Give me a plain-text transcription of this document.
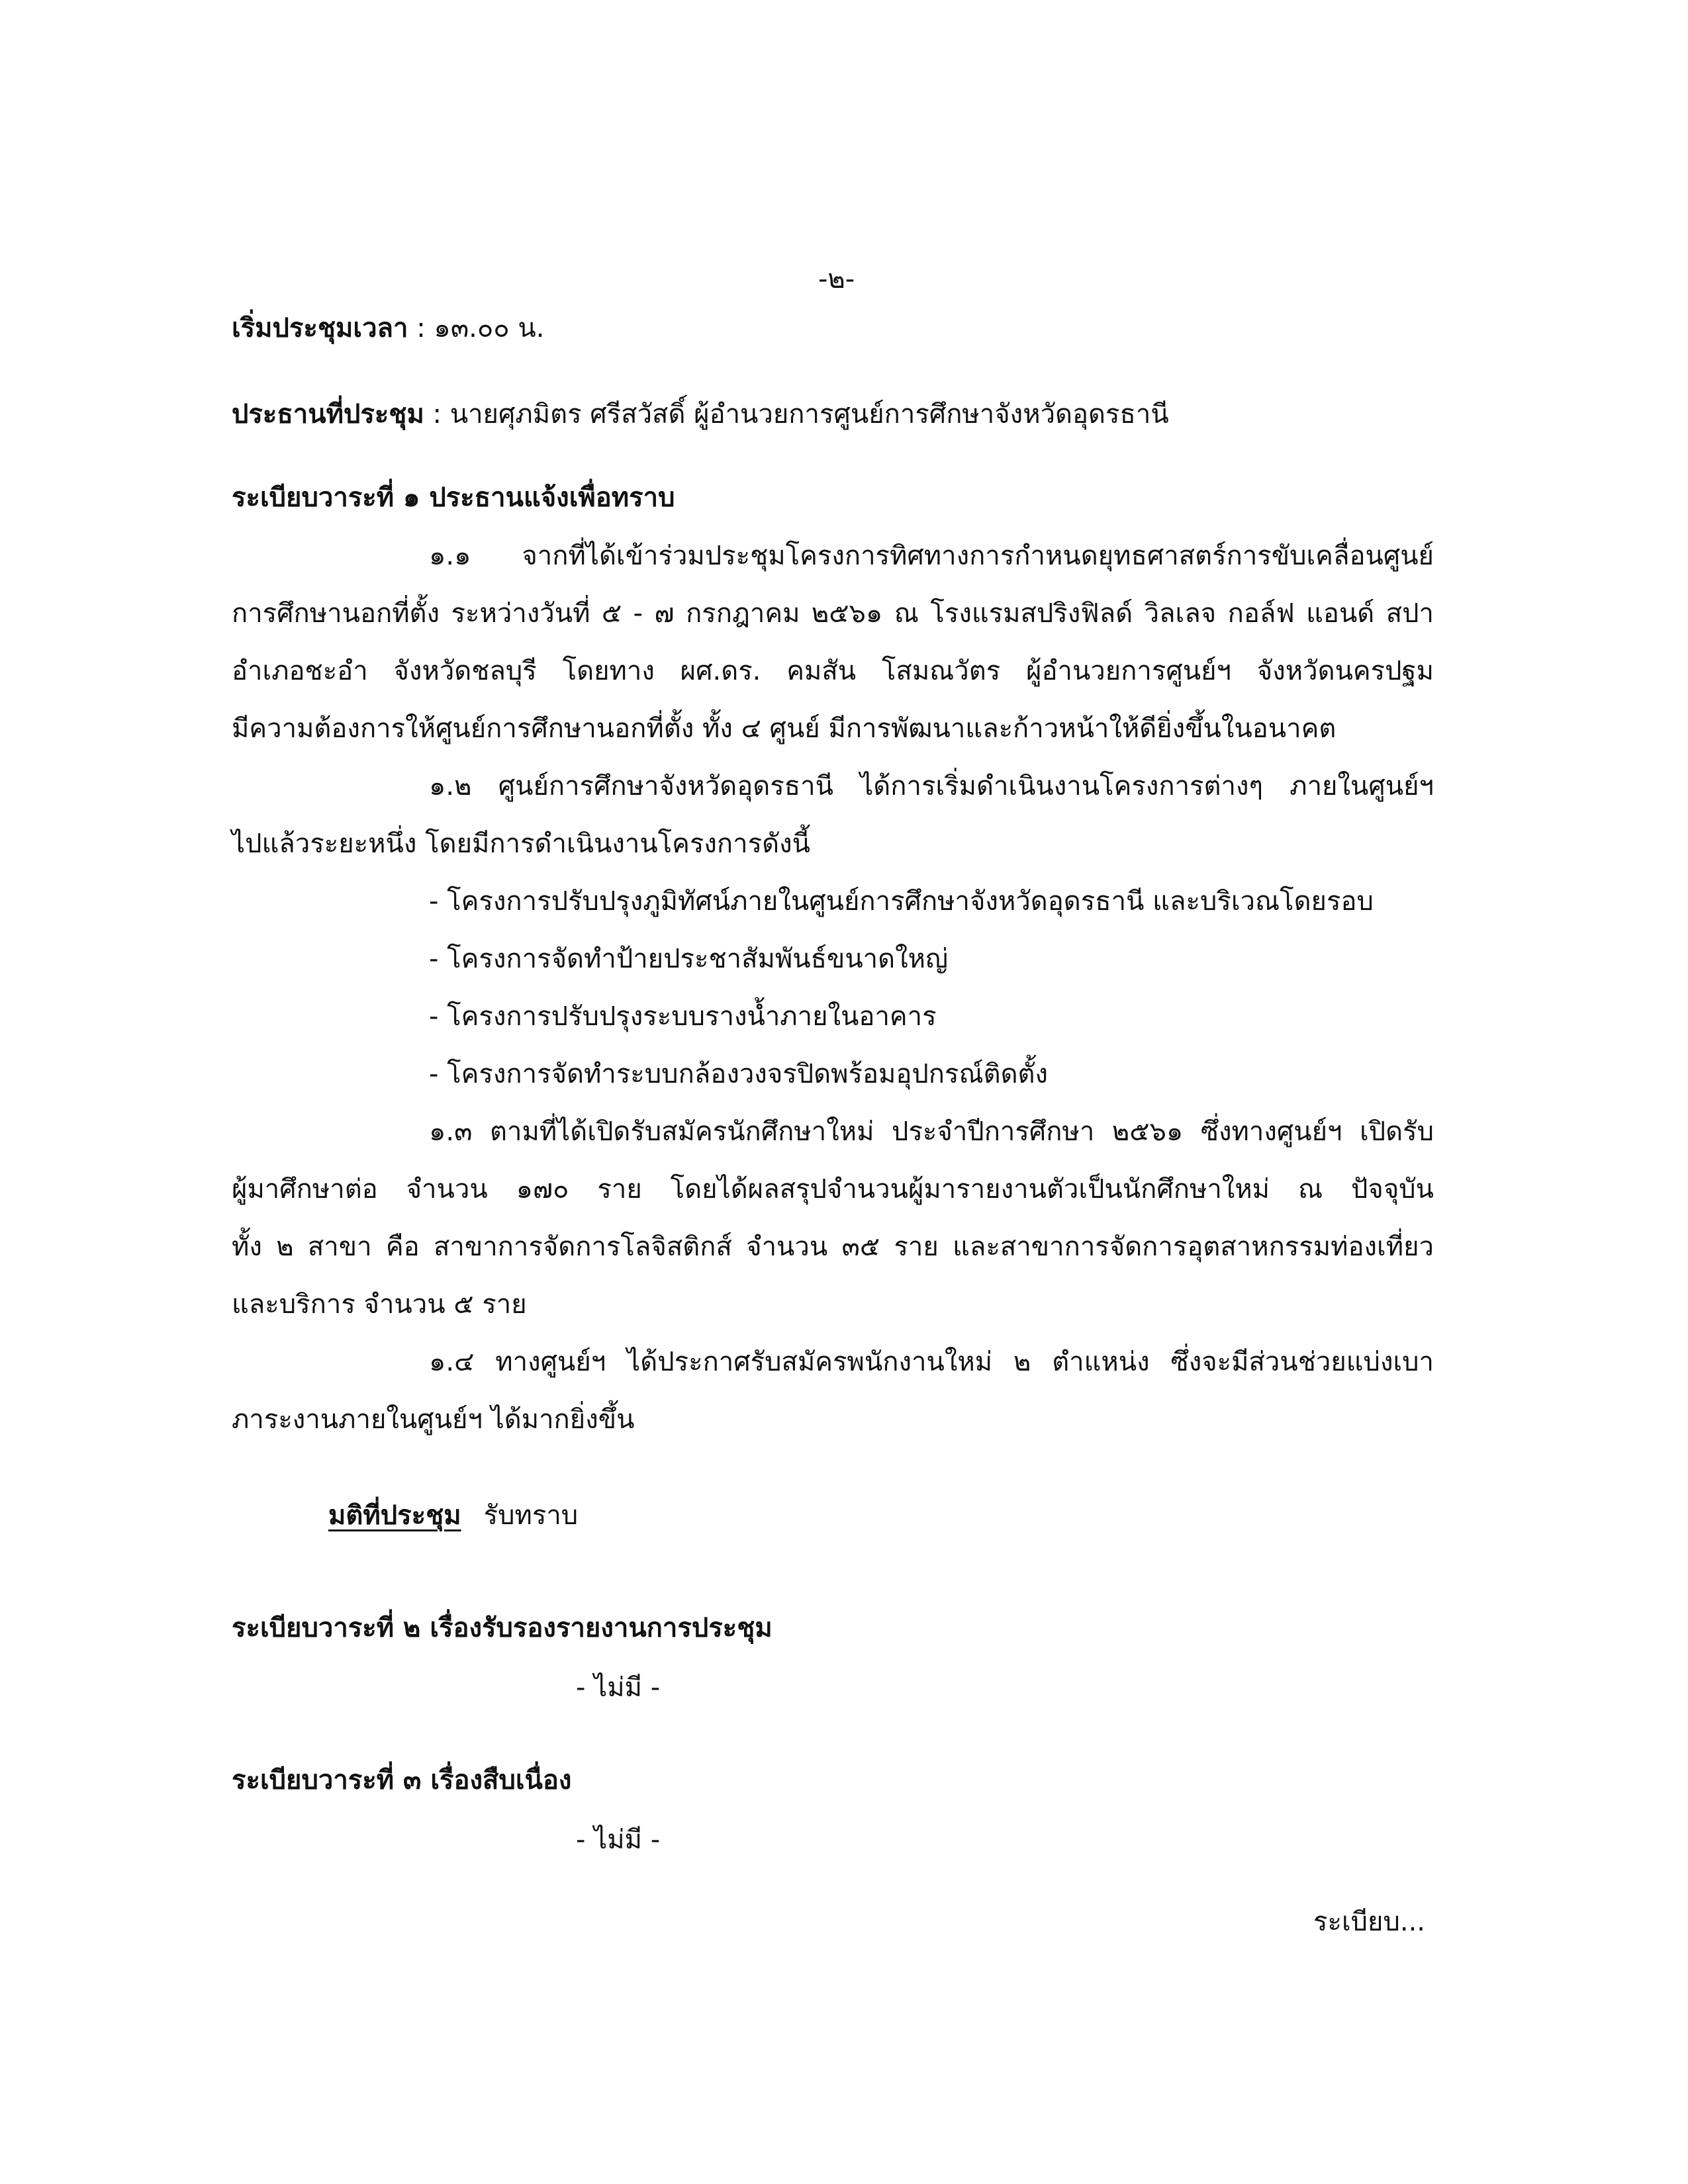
-๒-
เริ่มประชุมเวลา : ๑๓.๐๐ น.
ประธานที่ประชุม : นายศุภมิตร ศรีสวัสดิ์ ผู้อำนวยการศูนย์การศึกษาจังหวัดอุดรธานี
ระเบียบวาระที่ ๑ ประธานแจ้งเพื่อทราบ
๑.๑ จากที่ได้เข้าร่วมประชุมโครงการทิศทางการกำหนดยุทธศาสตร์การขับเคลื่อนศูนย์
การศึกษานอกที่ตั้ง ระหว่างวันที่ ๕ - ๗ กรกฎาคม ๒๕๖๑ ณ โรงแรมสปริงฟิลด์ วิลเลจ กอล์ฟ แอนด์ สปา
อำเภอชะอำ จังหวัดชลบุรี โดยทาง ผศ.ดร. คมสัน โสมณวัตร ผู้อำนวยการศูนย์ฯ จังหวัดนครปฐม
มีความต้องการให้ศูนย์การศึกษานอกที่ตั้ง ทั้ง ๔ ศูนย์ มีการพัฒนาและก้าวหน้าให้ดียิ่งขึ้นในอนาคต
๑.๒ ศูนย์การศึกษาจังหวัดอุดรธานี ได้การเริ่มดำเนินงานโครงการต่างๆ ภายในศูนย์ฯ
ไปแล้วระยะหนึ่ง โดยมีการดำเนินงานโครงการดังนี้
- โครงการปรับปรุงภูมิทัศน์ภายในศูนย์การศึกษาจังหวัดอุดรธานี และบริเวณโดยรอบ
- โครงการจัดทำป้ายประชาสัมพันธ์ขนาดใหญ่
- โครงการปรับปรุงระบบรางน้ำภายในอาคาร
- โครงการจัดทำระบบกล้องวงจรปิดพร้อมอุปกรณ์ติดตั้ง
๑.๓ ตามที่ได้เปิดรับสมัครนักศึกษาใหม่ ประจำปีการศึกษา ๒๕๖๑ ซึ่งทางศูนย์ฯ เปิดรับ
ผู้มาศึกษาต่อ จำนวน ๑๗๐ ราย โดยได้ผลสรุปจำนวนผู้มารายงานตัวเป็นนักศึกษาใหม่ ณ ปัจจุบัน
ทั้ง ๒ สาขา คือ สาขาการจัดการโลจิสติกส์ จำนวน ๓๕ ราย และสาขาการจัดการอุตสาหกรรมท่องเที่ยว
และบริการ จำนวน ๕ ราย
๑.๔ ทางศูนย์ฯ ได้ประกาศรับสมัครพนักงานใหม่ ๒ ตำแหน่ง ซึ่งจะมีส่วนช่วยแบ่งเบา
ภาระงานภายในศูนย์ฯ ได้มากยิ่งขึ้น
มติที่ประชุม รับทราบ
ระเบียบวาระที่ ๒ เรื่องรับรองรายงานการประชุม
- ไม่มี -
ระเบียบวาระที่ ๓ เรื่องสืบเนื่อง
- ไม่มี -
ระเบียบ...
